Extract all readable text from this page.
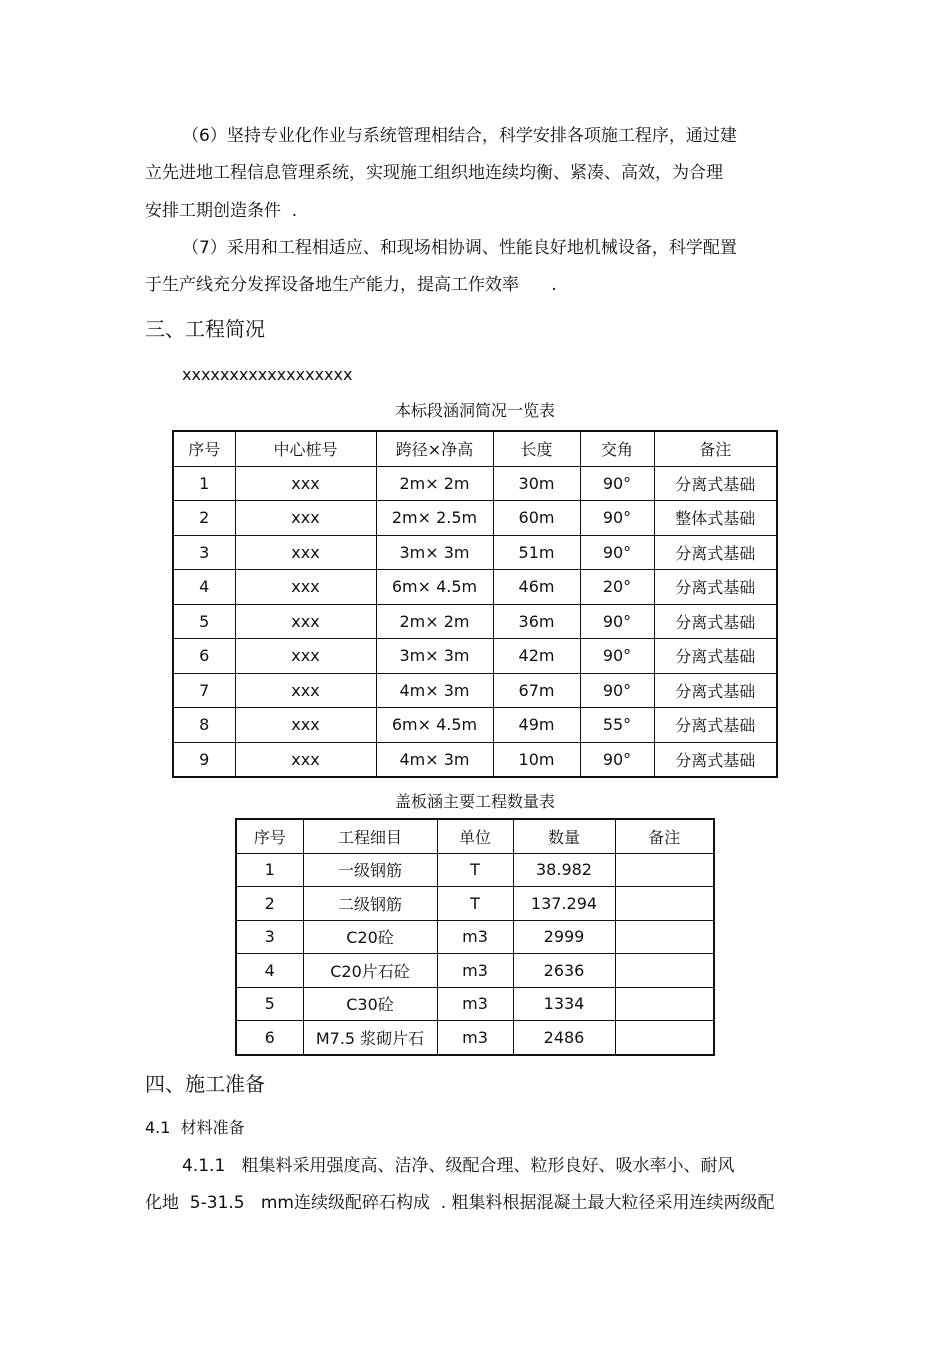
（6）坚持专业化作业与系统管理相结合，科学安排各项施工程序，通过建
立先进地工程信息管理系统，实现施工组织地连续均衡、紧凑、高效，为合理
安排工期创造条件  .
（7）采用和工程相适应、和现场相协调、性能良好地机械设备，科学配置
于生产线充分发挥设备地生产能力，提高工作效率      .
三、工程简况
xxxxxxxxxxxxxxxxxx
本标段涵洞简况一览表
序号	中心桩号	跨径×净高	长度	交角	备注
1	xxx	2m× 2m	30m	90°	分离式基础
2	xxx	2m× 2.5m	60m	90°	整体式基础
3	xxx	3m× 3m	51m	90°	分离式基础
4	xxx	6m× 4.5m	46m	20°	分离式基础
5	xxx	2m× 2m	36m	90°	分离式基础
6	xxx	3m× 3m	42m	90°	分离式基础
7	xxx	4m× 3m	67m	90°	分离式基础
8	xxx	6m× 4.5m	49m	55°	分离式基础
9	xxx	4m× 3m	10m	90°	分离式基础
盖板涵主要工程数量表
序号	工程细目	单位	数量	备注
1	一级钢筋	T	38.982	
2	二级钢筋	T	137.294	
3	C20砼	m3	2999	
4	C20片石砼	m3	2636	
5	C30砼	m3	1334	
6	M7.5 浆砌片石	m3	2486	
四、施工准备
4.1  材料准备
4.1.1   粗集料采用强度高、洁净、级配合理、粒形良好、吸水率小、耐风
化地  5-31.5   mm连续级配碎石构成  . 粗集料根据混凝土最大粒径采用连续两级配
